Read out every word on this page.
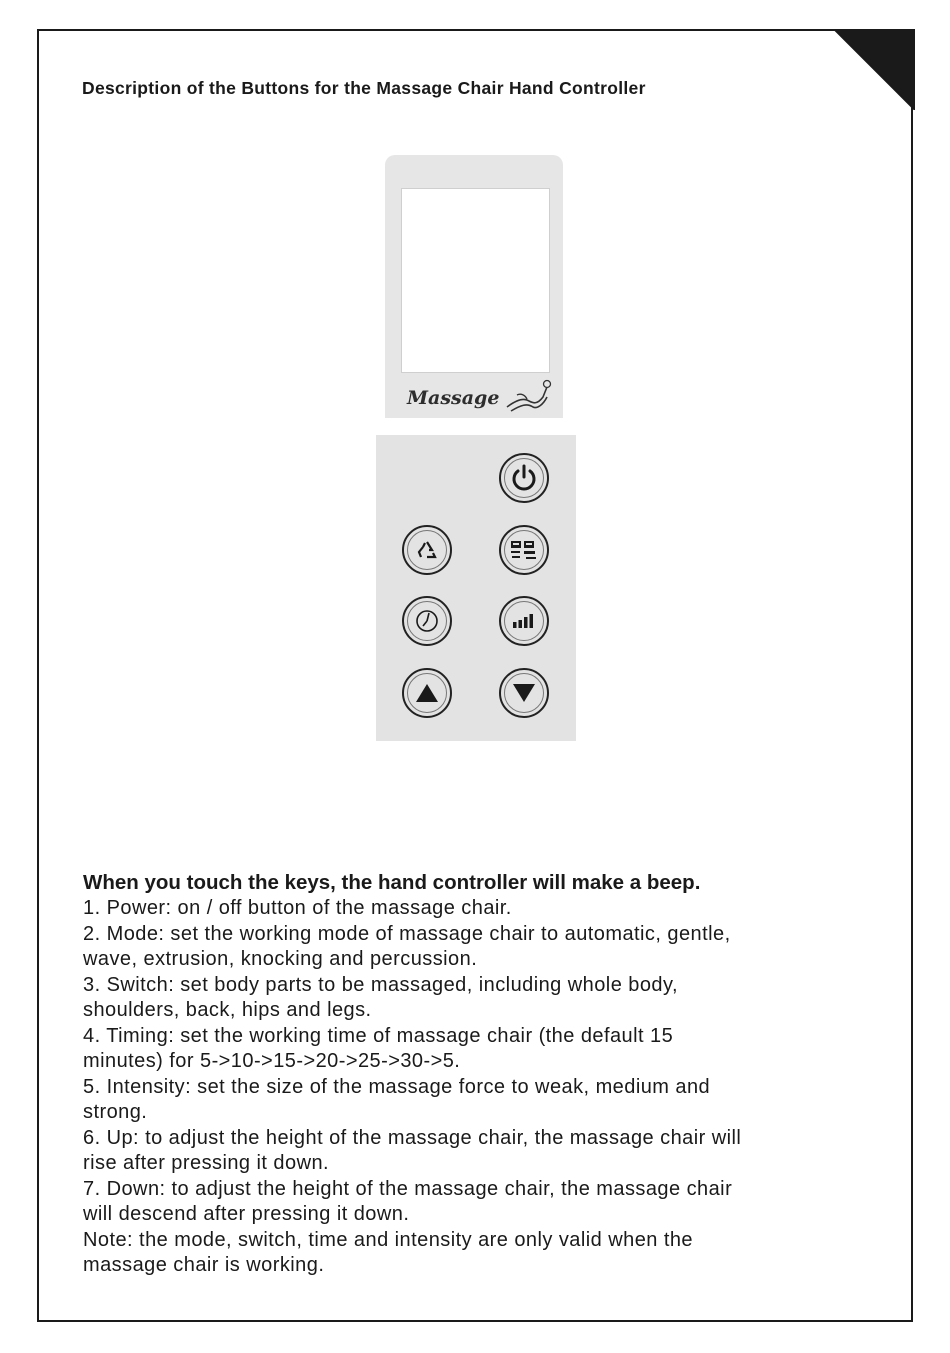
Description of the Buttons for the Massage Chair Hand Controller
Massage

When you touch the keys, the hand controller will make a beep.

1. Power: on / off button of the massage chair.

2. Mode: set the working mode of massage chair to automatic, gentle,
wave, extrusion, knocking and percussion.

3. Switch: set body parts to be massaged, including whole body,
shoulders, back, hips and legs.

4. Timing: set the working time of massage chair (the default 15
minutes) for 5->10->15->20->25->30->5.

5. Intensity: set the size of the massage force to weak, medium and
strong.

6. Up: to adjust the height of the massage chair, the massage chair will
rise after pressing it down.

7. Down: to adjust the height of the massage chair, the massage chair
will descend after pressing it down.

Note: the mode, switch, time and intensity are only valid when the
massage chair is working.
